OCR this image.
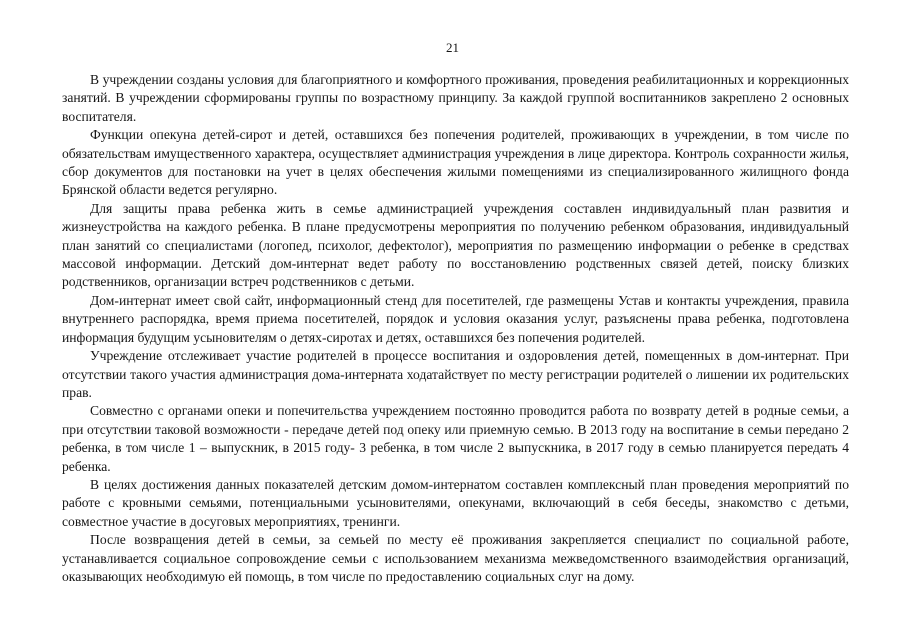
21

В учреждении созданы условия для благоприятного и комфортного проживания, проведения реабилитационных и коррекционных занятий. В учреждении сформированы группы по возрастному принципу. За каждой группой воспитанников закреплено 2 основных воспитателя.

Функции опекуна детей-сирот и детей, оставшихся без попечения родителей, проживающих в учреждении, в том числе по обязательствам имущественного характера, осуществляет администрация учреждения в лице директора. Контроль сохранности жилья, сбор документов для постановки на учет в целях обеспечения жилыми помещениями из специализированного жилищного фонда Брянской области ведется регулярно.

Для защиты права ребенка жить в семье администрацией учреждения составлен индивидуальный план развития и жизнеустройства на каждого ребенка. В плане предусмотрены мероприятия по получению ребенком образования, индивидуальный план занятий со специалистами (логопед, психолог, дефектолог), мероприятия по размещению информации о ребенке в средствах массовой информации. Детский дом-интернат ведет работу по восстановлению родственных связей детей, поиску близких родственников, организации встреч родственников с детьми.

Дом-интернат имеет свой сайт, информационный стенд для посетителей, где размещены Устав и контакты учреждения, правила внутреннего распорядка, время приема посетителей, порядок и условия оказания услуг, разъяснены права ребенка, подготовлена информация будущим усыновителям о детях-сиротах и детях, оставшихся без попечения родителей.

Учреждение отслеживает участие родителей в процессе воспитания и оздоровления детей, помещенных в дом-интернат. При отсутствии такого участия администрация дома-интерната ходатайствует по месту регистрации родителей о лишении их родительских прав.

Совместно с органами опеки и попечительства учреждением постоянно проводится работа по возврату детей в родные семьи, а при отсутствии таковой возможности - передаче детей под опеку или приемную семью. В 2013 году на воспитание в семьи передано 2 ребенка, в том числе 1 – выпускник, в 2015 году- 3 ребенка, в том числе 2 выпускника, в 2017 году в семью планируется передать 4 ребенка.

В целях достижения данных показателей детским домом-интернатом составлен комплексный план проведения мероприятий по работе с кровными семьями, потенциальными усыновителями, опекунами, включающий в себя беседы, знакомство с детьми, совместное участие в досуговых мероприятиях, тренинги.

После возвращения детей в семьи, за семьей по месту её проживания закрепляется специалист по социальной работе, устанавливается социальное сопровождение семьи с использованием механизма межведомственного взаимодействия организаций, оказывающих необходимую ей помощь, в том числе по предоставлению социальных слуг на дому.
